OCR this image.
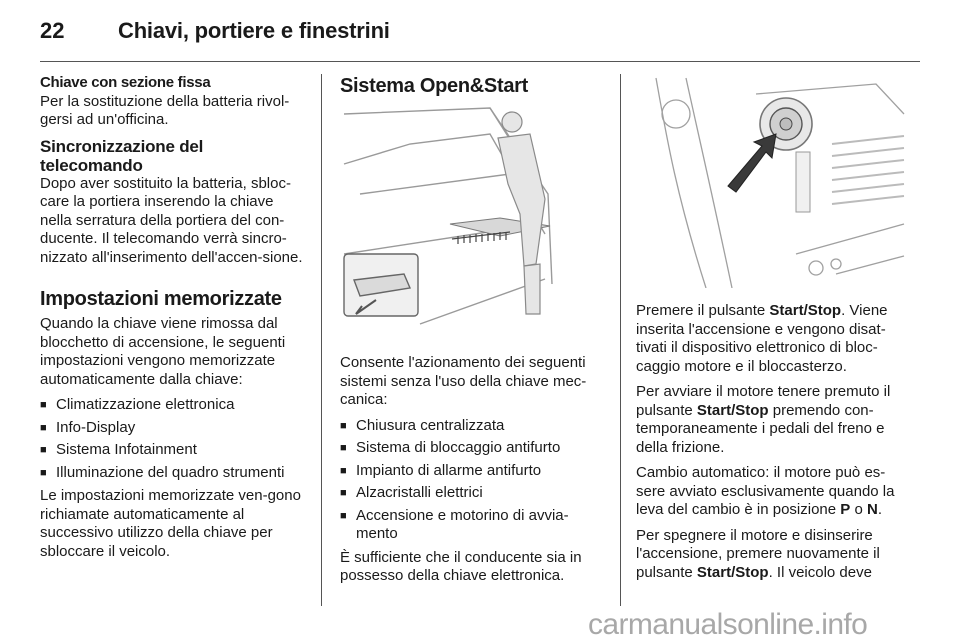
22 Chiavi, portiere e finestrini
Chiave con sezione fissa

Per la sostituzione della batteria rivol-gersi ad un'officina.

Sincronizzazione del telecomando

Dopo aver sostituito la batteria, sbloc-care la portiera inserendo la chiave nella serratura della portiera del con-ducente. Il telecomando verrà sincro-nizzato all'inserimento dell'accen-sione.

Impostazioni memorizzate

Quando la chiave viene rimossa dal blocchetto di accensione, le seguenti impostazioni vengono memorizzate automaticamente dalla chiave:

■ Climatizzazione elettronica
■ Info-Display
■ Sistema Infotainment
■ Illuminazione del quadro strumenti

Le impostazioni memorizzate ven-gono richiamate automaticamente al successivo utilizzo della chiave per sbloccare il veicolo.

Sistema Open&Start

Consente l'azionamento dei seguenti sistemi senza l'uso della chiave mec-canica:

■ Chiusura centralizzata
■ Sistema di bloccaggio antifurto
■ Impianto di allarme antifurto
■ Alzacristalli elettrici
■ Accensione e motorino di avvia-mento

È sufficiente che il conducente sia in possesso della chiave elettronica.

Premere il pulsante Start/Stop. Viene inserita l'accensione e vengono disat-tivati il dispositivo elettronico di bloc-caggio motore e il bloccasterzo.

Per avviare il motore tenere premuto il pulsante Start/Stop premendo con-temporaneamente i pedali del freno e della frizione.

Cambio automatico: il motore può es-sere avviato esclusivamente quando la leva del cambio è in posizione P o N.

Per spegnere il motore e disinserire l'accensione, premere nuovamente il pulsante Start/Stop. Il veicolo deve

carmanualsonline.info
